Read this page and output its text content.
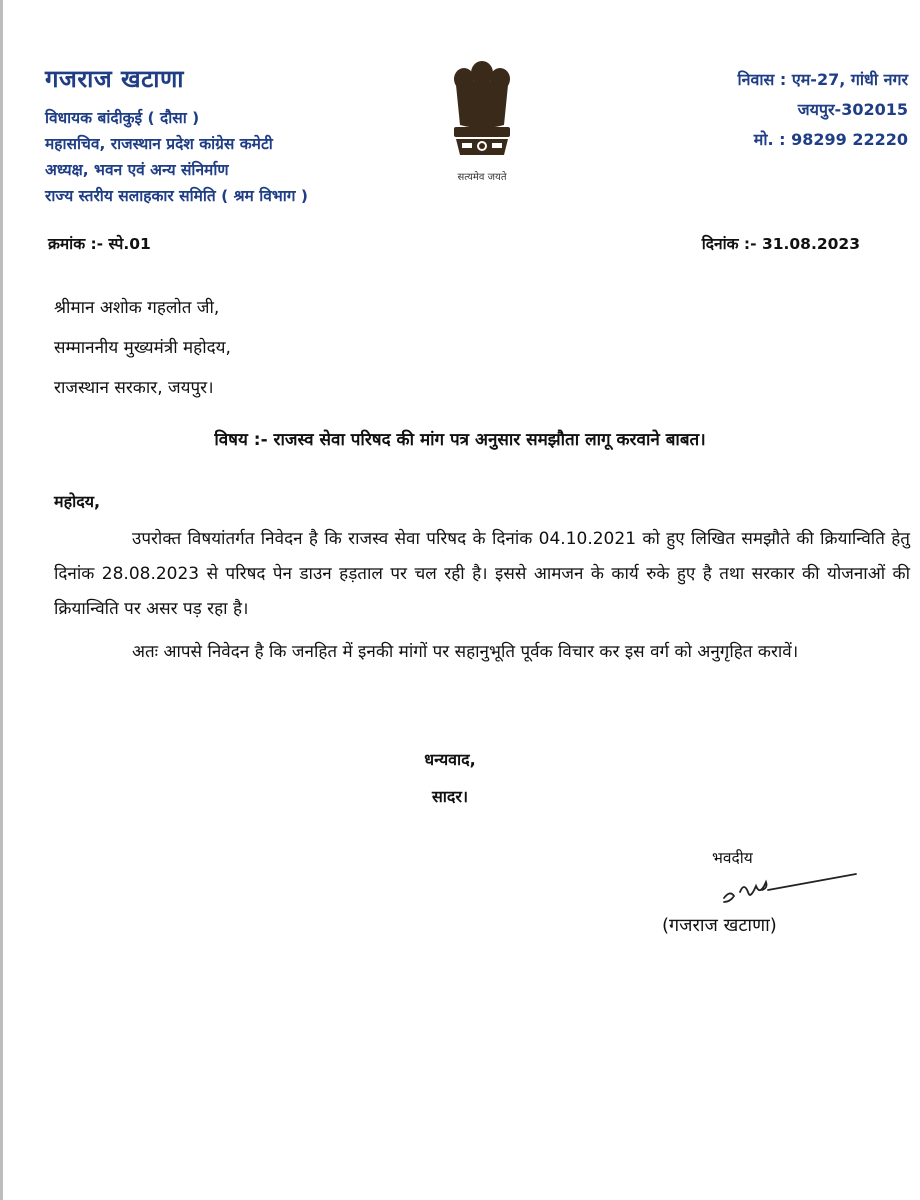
गजराज खटाणा
विधायक बांदीकुई ( दौसा )
महासचिव, राजस्थान प्रदेश कांग्रेस कमेटी
अध्यक्ष, भवन एवं अन्य संनिर्माण
राज्य स्तरीय सलाहकार समिति ( श्रम विभाग )
सत्यमेव जयते
निवास : एम-27, गांधी नगर
जयपुर-302015
मो. : 98299 22220
क्रमांक :- स्पे.01	दिनांक :- 31.08.2023
श्रीमान अशोक गहलोत जी,
सम्माननीय मुख्यमंत्री महोदय,
राजस्थान सरकार, जयपुर।
विषय :- राजस्व सेवा परिषद की मांग पत्र अनुसार समझौता लागू करवाने बाबत।
महोदय,

उपरोक्त विषयांतर्गत निवेदन है कि राजस्व सेवा परिषद के दिनांक 04.10.2021 को हुए लिखित समझौते की क्रियान्विति हेतु दिनांक 28.08.2023 से परिषद पेन डाउन हड़ताल पर चल रही है। इससे आमजन के कार्य रुके हुए है तथा सरकार की योजनाओं की क्रियान्विति पर असर पड़ रहा है।

अतः आपसे निवेदन है कि जनहित में इनकी मांगों पर सहानुभूति पूर्वक विचार कर इस वर्ग को अनुगृहित करावें।

धन्यवाद,
सादर।
भवदीय
(गजराज खटाणा)
